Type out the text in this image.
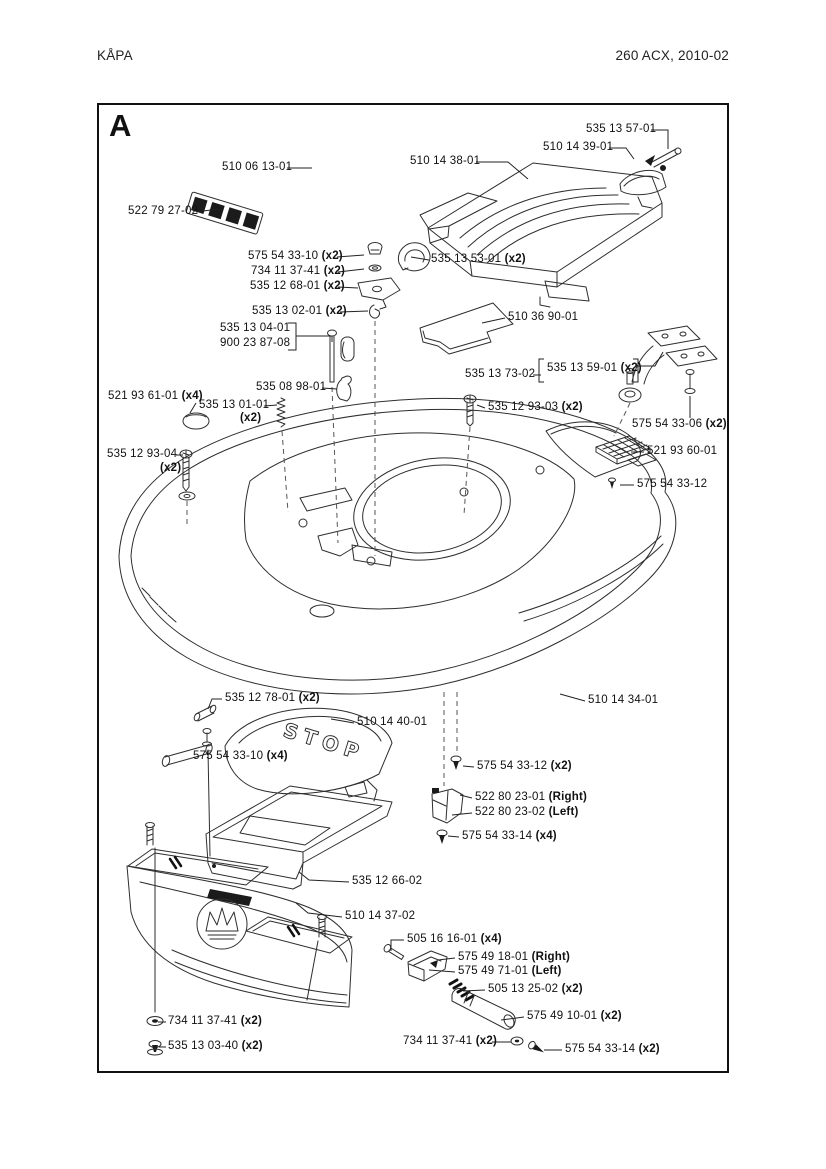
KÅPA	260 ACX, 2010-02
A
STOP
535 13 57-01
510 14 39-01
510 14 38-01
510 06 13-01
522 79 27-02
575 54 33-10 (x2)
734 11 37-41 (x2)
535 12 68-01 (x2)
535 13 02-01 (x2)
535 13 53-01 (x2)
510 36 90-01
535 13 04-01
900 23 87-08
535 08 98-01
535 13 01-01
(x2)
521 93 61-01 (x4)
535 12 93-04
(x2)
535 13 73-02 535 13 59-01 (x2)
535 12 93-03 (x2)
575 54 33-06 (x2)
521 93 60-01
575 54 33-12
535 12 78-01 (x2)
510 14 40-01
575 54 33-10 (x4)
510 14 34-01
575 54 33-12 (x2)
522 80 23-01 (Right)
522 80 23-02 (Left)
575 54 33-14 (x4)
535 12 66-02
510 14 37-02
505 16 16-01 (x4)
575 49 18-01 (Right)
575 49 71-01 (Left)
505 13 25-02 (x2)
575 49 10-01 (x2)
734 11 37-41 (x2)
575 54 33-14 (x2)
734 11 37-41 (x2)
535 13 03-40 (x2)
